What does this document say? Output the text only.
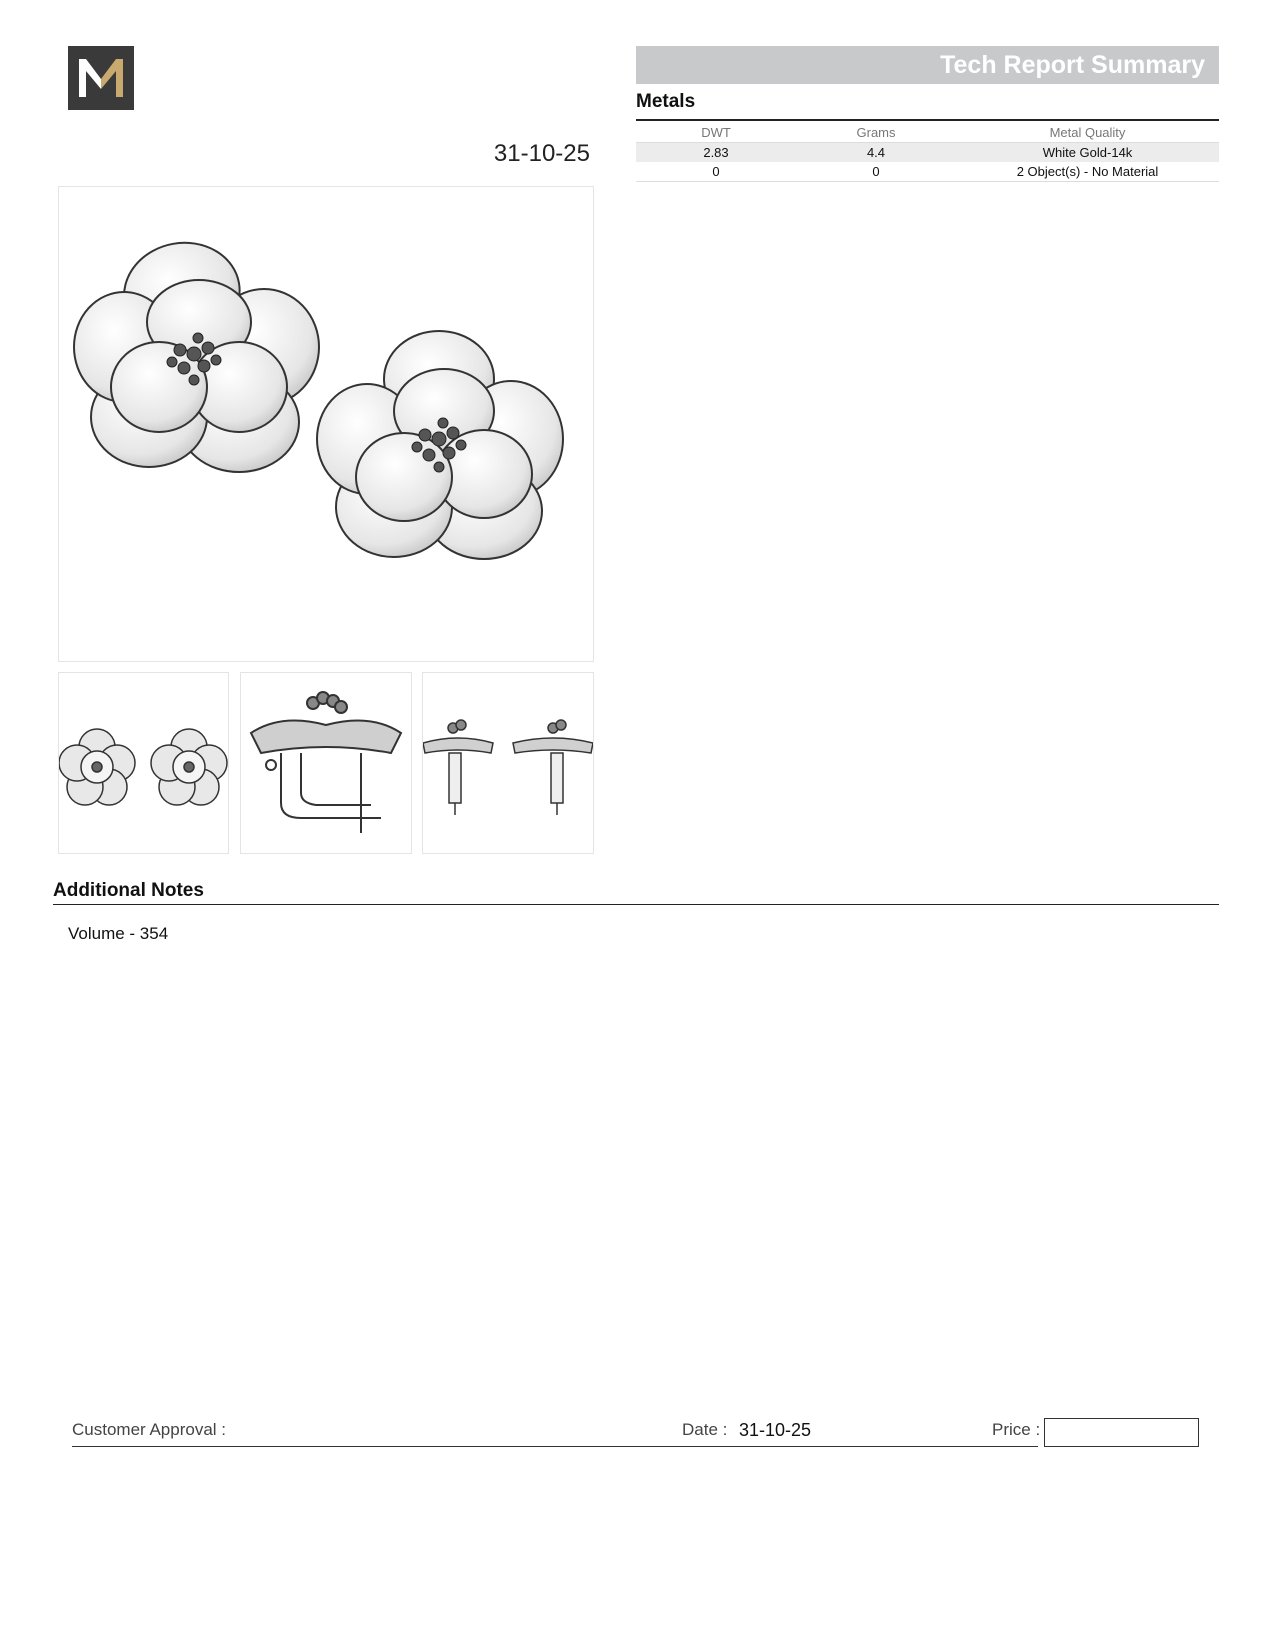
31-10-25
Tech Report Summary
Metals
DWT	Grams	Metal Quality
2.83	4.4	White Gold-14k
0	0	2 Object(s) - No Material
Additional Notes
Volume - 354
Customer Approval :	Date : 31-10-25	Price :
